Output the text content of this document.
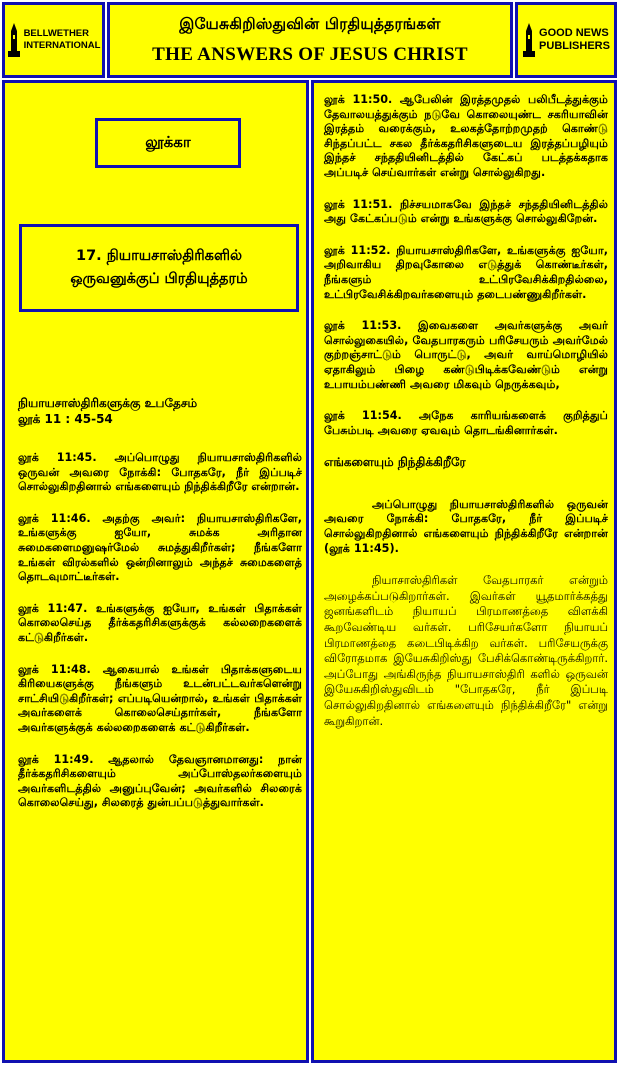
BELLWETHER
INTERNATIONAL
இயேசுகிறிஸ்துவின் பிரதியுத்தரங்கள்
THE ANSWERS OF JESUS CHRIST
GOOD NEWS
PUBLISHERS
லூக்கா
17. நியாயசாஸ்திரிகளில்
ஒருவனுக்குப் பிரதியுத்தரம்
நியாயசாஸ்திரிகளுக்கு உபதேசம்
லூக் 11 : 45-54

லூக் 11:45. அப்பொழுது நியாயசாஸ்திரிகளில் ஒருவன் அவரை நோக்கி: போதகரே, நீர் இப்படிச் சொல்லுகிறதினால் எங்களையும் நிந்திக்கிறீரே என்றான்.

லூக் 11:46. அதற்கு அவர்: நியாயசாஸ்திரிகளே, உங்களுக்கு ஐயோ, சுமக்க அரிதான சுமைகளைமனுஷர்மேல் சுமத்துகிறீர்கள்; நீங்களோ உங்கள் விரல்களில் ஒன்றினாலும் அந்தச் சுமைகளைத் தொடவுமாட்டீர்கள்.

லூக் 11:47. உங்களுக்கு ஐயோ, உங்கள் பிதாக்கள் கொலைசெய்த தீர்க்கதரிசிகளுக்குக் கல்லறைகளைக் கட்டுகிறீர்கள்.

லூக் 11:48. ஆகையால் உங்கள் பிதாக்களுடைய கிரியைகளுக்கு நீங்களும் உடன்பட்டவர்களென்று சாட்சியிடுகிறீர்கள்; எப்படியென்றால், உங்கள் பிதாக்கள் அவர்களைக் கொலைசெய்தார்கள், நீங்களோ அவர்களுக்குக் கல்லறைகளைக் கட்டுகிறீர்கள்.

லூக் 11:49. ஆதலால் தேவஞானமானது: நான் தீர்க்கதரிசிகளையும் அப்போஸ்தலர்களையும் அவர்களிடத்தில் அனுப்புவேன்; அவர்களில் சிலரைக் கொலைசெய்து, சிலரைத் துன்பப்படுத்துவார்கள்.

லூக் 11:50. ஆபேலின் இரத்தமுதல் பலிபீடத்துக்கும் தேவாலயத்துக்கும் நடுவே கொலையுண்ட சகரியாவின் இரத்தம் வரைக்கும், உலகத்தோற்றமுதற் கொண்டு சிந்தப்பட்ட சகல தீர்க்கதரிசிகளுடைய இரத்தப்பழியும் இந்தச் சந்ததியினிடத்தில் கேட்கப் படத்தக்கதாக அப்படிச் செய்வார்கள் என்று சொல்லுகிறது.

லூக் 11:51. நிச்சயமாகவே இந்தச் சந்ததியினிடத்தில் அது கேட்கப்படும் என்று உங்களுக்கு சொல்லுகிறேன்.

லூக் 11:52. நியாயசாஸ்திரிகளே, உங்களுக்கு ஐயோ, அறிவாகிய திறவுகோலை எடுத்துக் கொண்டீர்கள், நீங்களும் உட்பிரவேசிக்கிறதில்லை, உட்பிரவேசிக்கிறவர்களையும் தடைபண்ணுகிறீர்கள்.

லூக் 11:53. இவைகளை அவர்களுக்கு அவர் சொல்லுகையில், வேதபாரகரும் பரிசேயரும் அவர்மேல் குற்றஞ்சாட்டும் பொருட்டு, அவர் வாய்மொழியில் ஏதாகிலும் பிழை கண்டுபிடிக்கவேண்டும் என்று உபாயம்பண்ணி அவரை மிகவும் நெருக்கவும்,

லூக் 11:54. அநேக காரியங்களைக் குறித்துப் பேசும்படி அவரை ஏவவும் தொடங்கினார்கள்.

எங்களையும் நிந்திக்கிறீரே

அப்பொழுது நியாயசாஸ்திரிகளில் ஒருவன் அவரை நோக்கி: போதகரே, நீர் இப்படிச் சொல்லுகிறதினால் எங்களையும் நிந்திக்கிறீரே என்றான் (லூக் 11:45).

நியாசாஸ்திரிகள் வேதபாரகர் என்றும் அழைக்கப்படுகிறார்கள். இவர்கள் யூதமார்க்கத்து ஜனங்களிடம் நியாயப் பிரமாணத்தை விளக்கி கூறவேண்டிய வர்கள். பரிசேயர்களோ நியாயப் பிரமாணத்தை கடைபிடிக்கிற வர்கள். பரிசேயருக்கு விரோதமாக இயேசுகிறிஸ்து பேசிக்கொண்டிருக்கிறார். அப்போது அங்கிருந்த நியாயசாஸ்திரி களில் ஒருவன் இயேசுகிறிஸ்துவிடம் "போதகரே, நீர் இப்படி சொல்லுகிறதினால் எங்களையும் நிந்திக்கிறீரே" என்று கூறுகிறான்.
